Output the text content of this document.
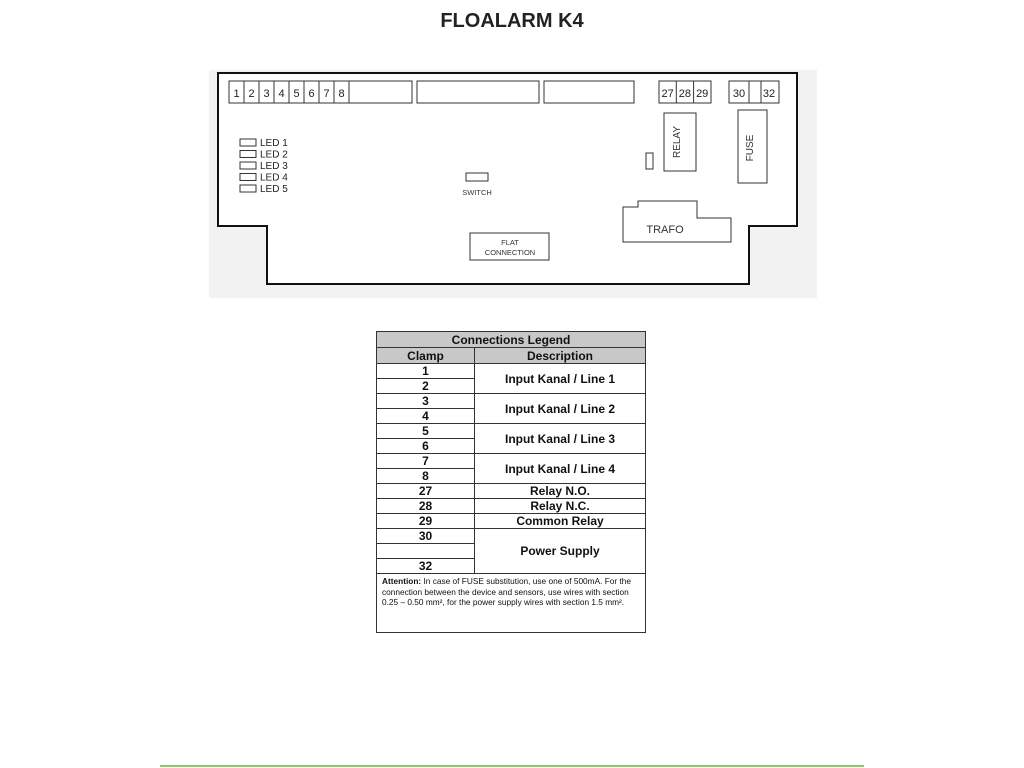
FLOALARM K4
1 2 3 4 5 6 7 8	27 28 29 30 32
RELAY	FUSE
TRAFO
SWITCH
FLAT
CONNECTION
LED 1
LED 2
LED 3
LED 4
LED 5
Connections Legend	
Clamp	Description
1	Input Kanal / Line 1
2	
3	Input Kanal / Line 2
4	
5	Input Kanal / Line 3
6	
7	Input Kanal / Line 4
8	
27	Relay N.O.
28	Relay N.C.
29	Common Relay
30	Power Supply

32	
Attention: In case of FUSE substitution, use one of 500mA. For the connection between the device and sensors, use wires with section 0.25 – 0.50 mm², for the power supply wires with section 1.5 mm².	
